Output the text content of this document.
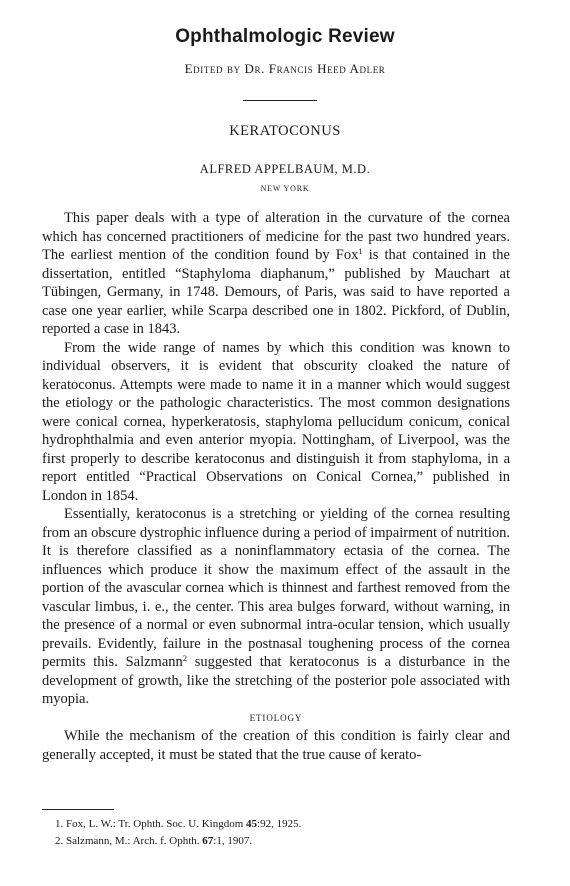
Ophthalmologic Review
Edited by Dr. Francis Heed Adler
KERATOCONUS
ALFRED APPELBAUM, M.D.
NEW YORK

This paper deals with a type of alteration in the curvature of the cornea which has concerned practitioners of medicine for the past two hundred years. The earliest mention of the condition found by Fox$^1$ is that contained in the dissertation, entitled “Staphyloma diaphanum,” published by Mauchart at Tübingen, Germany, in 1748. Demours, of Paris, was said to have reported a case one year earlier, while Scarpa described one in 1802. Pickford, of Dublin, reported a case in 1843.

From the wide range of names by which this condition was known to individual observers, it is evident that obscurity cloaked the nature of keratoconus. Attempts were made to name it in a manner which would suggest the etiology or the pathologic characteristics. The most common designations were conical cornea, hyperkeratosis, staphyloma pellucidum conicum, conical hydrophthalmia and even anterior myopia. Nottingham, of Liverpool, was the first properly to describe keratoconus and distinguish it from staphyloma, in a report entitled “Practical Observations on Conical Cornea,” published in London in 1854.

Essentially, keratoconus is a stretching or yielding of the cornea resulting from an obscure dystrophic influence during a period of impairment of nutrition. It is therefore classified as a noninflammatory ectasia of the cornea. The influences which produce it show the maximum effect of the assault in the portion of the avascular cornea which is thinnest and farthest removed from the vascular limbus, i. e., the center. This area bulges forward, without warning, in the presence of a normal or even subnormal intra-ocular tension, which usually prevails. Evidently, failure in the postnasal toughening process of the cornea permits this. Salzmann$^2$ suggested that keratoconus is a disturbance in the development of growth, like the stretching of the posterior pole associated with myopia.

ETIOLOGY

While the mechanism of the creation of this condition is fairly clear and generally accepted, it must be stated that the true cause of kerato-

1. Fox, L. W.: Tr. Ophth. Soc. U. Kingdom 45:92, 1925.
2. Salzmann, M.: Arch. f. Ophth. 67:1, 1907.
